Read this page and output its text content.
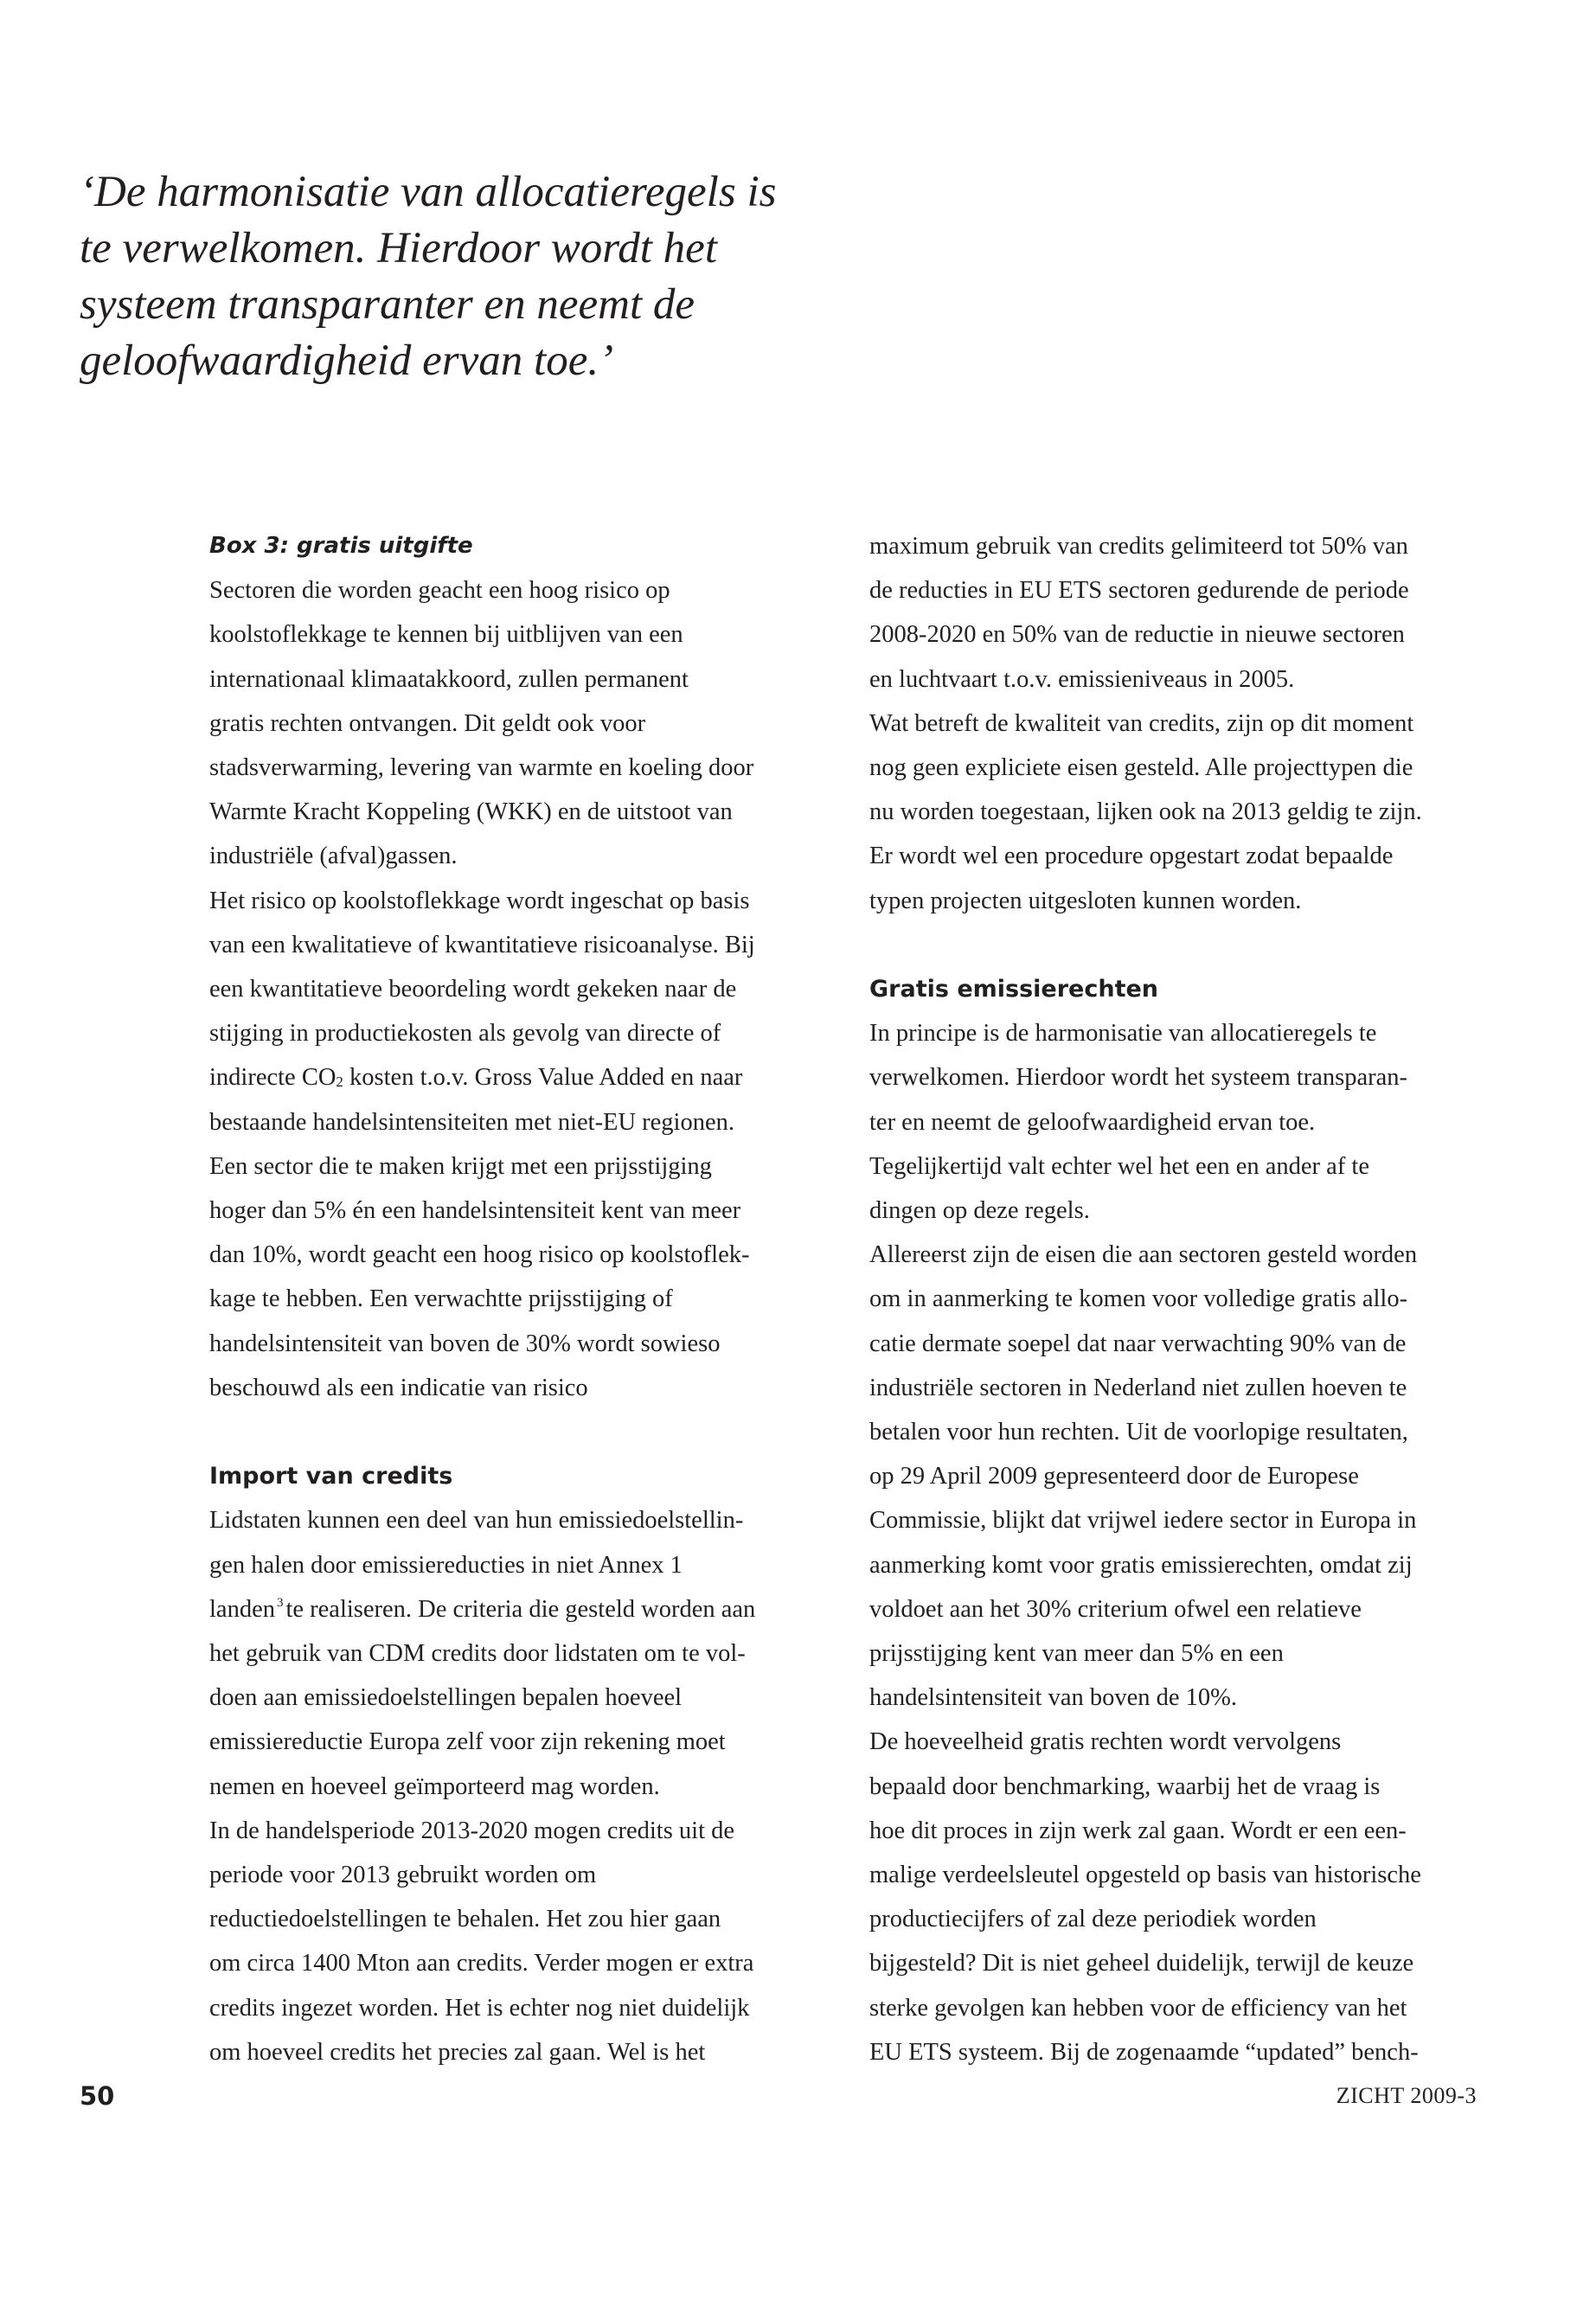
‘De harmonisatie van allocatieregels is
te verwelkomen. Hierdoor wordt het
systeem transparanter en neemt de
geloofwaardigheid ervan toe.’
Box 3: gratis uitgifte

Sectoren die worden geacht een hoog risico op

koolstoflekkage te kennen bij uitblijven van een

internationaal klimaatakkoord, zullen permanent

gratis rechten ontvangen. Dit geldt ook voor

stadsverwarming, levering van warmte en koeling door

Warmte Kracht Koppeling (WKK) en de uitstoot van

industriële (afval)gassen.

Het risico op koolstoflekkage wordt ingeschat op basis

van een kwalitatieve of kwantitatieve risicoanalyse. Bij

een kwantitatieve beoordeling wordt gekeken naar de

stijging in productiekosten als gevolg van directe of

indirecte $CO_2$ kosten t.o.v. Gross Value Added en naar

bestaande handelsintensiteiten met niet-EU regionen.

Een sector die te maken krijgt met een prijsstijging

hoger dan 5% én een handelsintensiteit kent van meer

dan 10%, wordt geacht een hoog risico op koolstoflek-

kage te hebben. Een verwachtte prijsstijging of

handelsintensiteit van boven de 30% wordt sowieso

beschouwd als een indicatie van risico

Import van credits

Lidstaten kunnen een deel van hun emissiedoelstellin-

gen halen door emissiereducties in niet Annex 1

landen $^3$ te realiseren. De criteria die gesteld worden aan

het gebruik van CDM credits door lidstaten om te vol-

doen aan emissiedoelstellingen bepalen hoeveel

emissiereductie Europa zelf voor zijn rekening moet

nemen en hoeveel geïmporteerd mag worden.

In de handelsperiode 2013-2020 mogen credits uit de

periode voor 2013 gebruikt worden om

reductiedoelstellingen te behalen. Het zou hier gaan

om circa 1400 Mton aan credits. Verder mogen er extra

credits ingezet worden. Het is echter nog niet duidelijk

om hoeveel credits het precies zal gaan. Wel is het

maximum gebruik van credits gelimiteerd tot 50% van

de reducties in EU ETS sectoren gedurende de periode

2008-2020 en 50% van de reductie in nieuwe sectoren

en luchtvaart t.o.v. emissieniveaus in 2005.

Wat betreft de kwaliteit van credits, zijn op dit moment

nog geen expliciete eisen gesteld. Alle projecttypen die

nu worden toegestaan, lijken ook na 2013 geldig te zijn.

Er wordt wel een procedure opgestart zodat bepaalde

typen projecten uitgesloten kunnen worden.

Gratis emissierechten

In principe is de harmonisatie van allocatieregels te

verwelkomen. Hierdoor wordt het systeem transparan-

ter en neemt de geloofwaardigheid ervan toe.

Tegelijkertijd valt echter wel het een en ander af te

dingen op deze regels.

Allereerst zijn de eisen die aan sectoren gesteld worden

om in aanmerking te komen voor volledige gratis allo-

catie dermate soepel dat naar verwachting 90% van de

industriële sectoren in Nederland niet zullen hoeven te

betalen voor hun rechten. Uit de voorlopige resultaten,

op 29 April 2009 gepresenteerd door de Europese

Commissie, blijkt dat vrijwel iedere sector in Europa in

aanmerking komt voor gratis emissierechten, omdat zij

voldoet aan het 30% criterium ofwel een relatieve

prijsstijging kent van meer dan 5% en een

handelsintensiteit van boven de 10%.

De hoeveelheid gratis rechten wordt vervolgens

bepaald door benchmarking, waarbij het de vraag is

hoe dit proces in zijn werk zal gaan. Wordt er een een-

malige verdeelsleutel opgesteld op basis van historische

productiecijfers of zal deze periodiek worden

bijgesteld? Dit is niet geheel duidelijk, terwijl de keuze

sterke gevolgen kan hebben voor de efficiency van het

EU ETS systeem. Bij de zogenaamde “updated” bench-

50	ZICHT 2009-3
